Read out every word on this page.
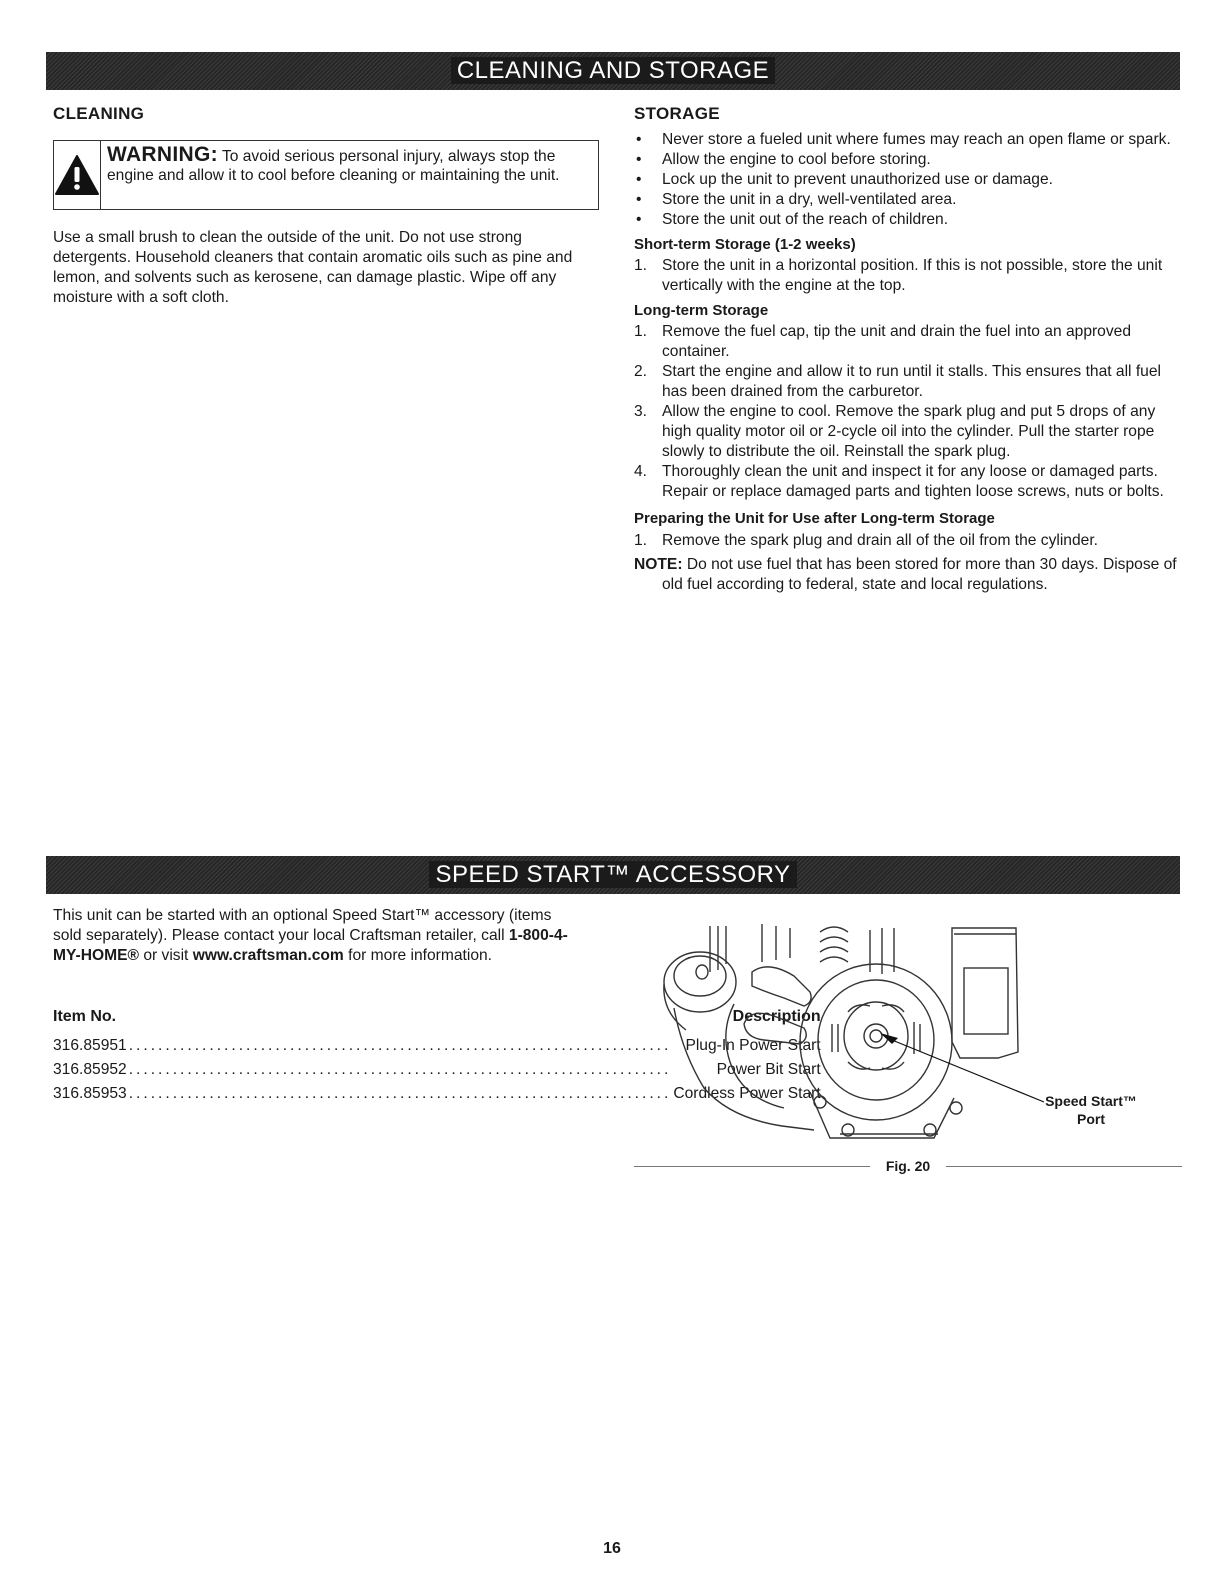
CLEANING AND STORAGE
CLEANING
WARNING: To avoid serious personal injury, always stop the engine and allow it to cool before cleaning or maintaining the unit.

Use a small brush to clean the outside of the unit. Do not use strong detergents. Household cleaners that contain aromatic oils such as pine and lemon, and solvents such as kerosene, can damage plastic. Wipe off any moisture with a soft cloth.

STORAGE
• Never store a fueled unit where fumes may reach an open flame or spark.
• Allow the engine to cool before storing.
• Lock up the unit to prevent unauthorized use or damage.
• Store the unit in a dry, well-ventilated area.
• Store the unit out of the reach of children.
Short-term Storage (1-2 weeks)
1. Store the unit in a horizontal position. If this is not possible, store the unit vertically with the engine at the top.
Long-term Storage
1. Remove the fuel cap, tip the unit and drain the fuel into an approved container.
2. Start the engine and allow it to run until it stalls. This ensures that all fuel has been drained from the carburetor.
3. Allow the engine to cool. Remove the spark plug and put 5 drops of any high quality motor oil or 2-cycle oil into the cylinder. Pull the starter rope slowly to distribute the oil. Reinstall the spark plug.
4. Thoroughly clean the unit and inspect it for any loose or damaged parts. Repair or replace damaged parts and tighten loose screws, nuts or bolts.
Preparing the Unit for Use after Long-term Storage
1. Remove the spark plug and drain all of the oil from the cylinder.

NOTE: Do not use fuel that has been stored for more than 30 days. Dispose of old fuel according to federal, state and local regulations.

SPEED START™ ACCESSORY

This unit can be started with an optional Speed Start™ accessory (items sold separately). Please contact your local Craftsman retailer, call 1-800-4-MY-HOME® or visit www.craftsman.com for more information.

Item No.	Description

316.85951 .......................................................................... Plug-In Power Start

316.85952 ..........................................................................	Power Bit Start

316.85953 .......................................................................... Cordless Power Start	Speed Start™
Port
Fig. 20
16
